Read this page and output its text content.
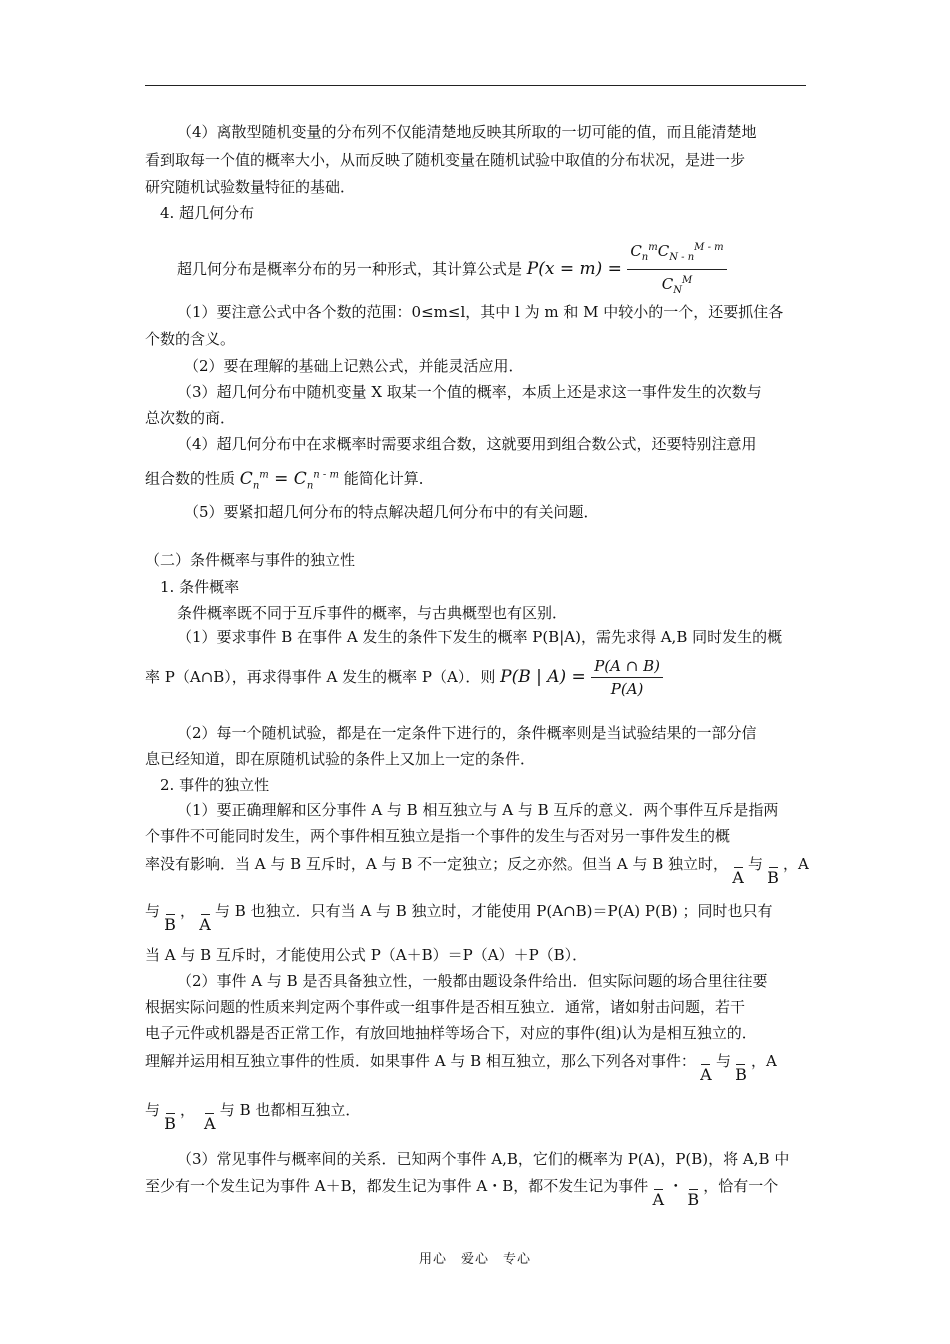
（4）离散型随机变量的分布列不仅能清楚地反映其所取的一切可能的值，而且能清楚地
看到取每一个值的概率大小，从而反映了随机变量在随机试验中取值的分布状况，是进一步
研究随机试验数量特征的基础．
4. 超几何分布
超几何分布是概率分布的另一种形式，其计算公式是 $P(x = m) = \frac{C_n^mC_{N - n}^{M - m}}{C_N^M}$
（1）要注意公式中各个数的范围：0≤m≤l，其中 l 为 m 和 M 中较小的一个，还要抓住各
个数的含义。
（2）要在理解的基础上记熟公式，并能灵活应用．
（3）超几何分布中随机变量 X 取某一个值的概率，本质上还是求这一事件发生的次数与
总次数的商．
（4）超几何分布中在求概率时需要求组合数，这就要用到组合数公式，还要特别注意用
组合数的性质 $C_n^m = C_n^{n - m}$ 能简化计算．
（5）要紧扣超几何分布的特点解决超几何分布中的有关问题．
（二）条件概率与事件的独立性
1. 条件概率
条件概率既不同于互斥事件的概率，与古典概型也有区别．
（1）要求事件 B 在事件 A 发生的条件下发生的概率 P(B|A)，需先求得 A,B 同时发生的概
率 P（A∩B），再求得事件 A 发生的概率 P（A）．则 P(B | $A) = \frac{P(A \cap B)}{P(A)}$
（2）每一个随机试验，都是在一定条件下进行的，条件概率则是当试验结果的一部分信
息已经知道，即在原随机试验的条件上又加上一定的条件．
2. 事件的独立性
（1）要正确理解和区分事件 A 与 B 相互独立与 A 与 B 互斥的意义．两个事件互斥是指两
个事件不可能同时发生，两个事件相互独立是指一个事件的发生与否对另一事件发生的概
率没有影响．当 A 与 B 互斥时，A 与 B 不一定独立；反之亦然。但当 A 与 B 独立时，A与B，A
与B，A与 B 也独立．只有当 A 与 B 独立时，才能使用 P(A∩B)＝P(A) P(B) ；同时也只有
当 A 与 B 互斥时，才能使用公式 P（A＋B）＝P（A）＋P（B）．
（2）事件 A 与 B 是否具备独立性，一般都由题设条件给出．但实际问题的场合里往往要
根据实际问题的性质来判定两个事件或一组事件是否相互独立．通常，诸如射击问题，若干
电子元件或机器是否正常工作，有放回地抽样等场合下，对应的事件(组)认为是相互独立的．
理解并运用相互独立事件的性质．如果事件 A 与 B 相互独立，那么下列各对事件：A与B，A
与B， A与 B 也都相互独立．
（3）常见事件与概率间的关系．已知两个事件 A,B，它们的概率为 P(A)，P(B)，将 A,B 中
至少有一个发生记为事件 A＋B，都发生记为事件 A・B，都不发生记为事件A・B，恰有一个
用心　爱心　专心
